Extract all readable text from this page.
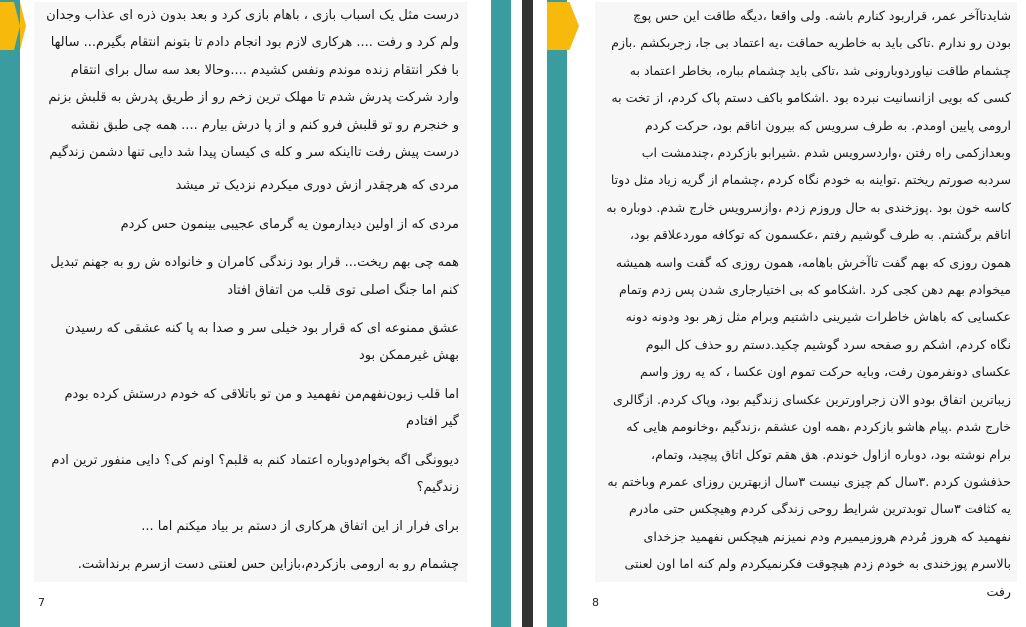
درست مثل یک اسباب بازی ، باهام بازی کرد و بعد بدون ذره ای عذاب وجدان ولم کرد و رفت .... هرکاری لازم بود انجام دادم تا بتونم انتقام بگیرم... سالها با فکر انتقام زنده موندم ونفس کشیدم ....وحالا بعد سه سال برای انتقام وارد شرکت پدرش شدم تا مهلک ترین زخم رو از طریق پدرش به قلبش بزنم و خنجرم رو تو قلبش فرو کنم و از پا درش بیارم .... همه چی طبق نقشه درست پیش رفت تااینکه سر و کله ی کیسان پیدا شد دایی تنها دشمن زندگیم

مردی که هرچقدر ازش دوری میکردم نزدیک تر میشد

مردی که از اولین دیدارمون یه گرمای عجیبی بینمون حس کردم

همه چی بهم ریخت... قرار بود زندگی کامران و خانواده ش رو به جهنم تبدیل کنم اما جنگ اصلی توی قلب من اتفاق افتاد

عشق ممنوعه ای که قرار بود خیلی سر و صدا به پا کنه عشقی که رسیدن بهش غیرممکن بود

اما قلب زبون‌نفهم‌من نفهمید و من تو باتلاقی که خودم درستش کرده بودم گیر افتادم

دیوونگی اگه بخوام‌دوباره اعتماد کنم به قلبم؟ اونم کی؟ دایی منفور ترین ادم زندگیم؟

برای فرار از این اتفاق هرکاری از دستم بر بیاد میکنم اما ...

چشمام رو به ارومی بازکردم،بازاین حس لعنتی دست ازسرم برنداشت.

7

شایدتاآخر عمر، قراربود کنارم باشه. ولی واقعا ،دیگه طاقت این حس پوچ بودن رو ندارم .تاکی باید به خاطریه حماقت ،یه اعتماد بی جا، زجربکشم .بازم چشمام طاقت نیاوردوبارونی شد ،تاکی باید چشمام بباره، بخاطر اعتماد به کسی که بویی ازانسانیت نبرده بود .اشکامو باکف دستم پاک کردم، از تخت به ارومی پایین اومدم. به طرف سرویس که بیرون اتاقم بود، حرکت کردم وبعدازکمی راه رفتن ،واردسرویس شدم .شیرابو بازکردم ،چندمشت اب سردبه صورتم ریختم .تواینه به خودم نگاه کردم ،چشمام از گریه زیاد مثل دوتا کاسه خون بود .پوزخندی به حال وروزم زدم ،وازسرویس خارج شدم. دوباره به اتاقم برگشتم. به طرف گوشیم رفتم ،عکسمون که توکافه موردعلاقم بود، همون روزی که بهم گفت تاآخرش باهامه، همون روزی که گفت واسه همیشه میخوادم بهم دهن کجی کرد .اشکامو که بی اختیارجاری شدن پس زدم وتمام عکسایی که باهاش خاطرات شیرینی داشتیم وبرام مثل زهر بود ودونه دونه نگاه کردم، اشکم رو صفحه سرد گوشیم چکید.دستم رو حذف کل البوم عکسای دونفرمون رفت، وبایه حرکت تموم اون عکسا ، که یه روز واسم زیباترین اتفاق بودو الان زجراورترین عکسای زندگیم بود، وپاک کردم. ازگالری خارج شدم .پیام هاشو بازکردم ،همه اون عشقم ،زندگیم ،وخانومم هایی که برام نوشته بود، دوباره ازاول خوندم. هق هقم توکل اتاق پیچید، وتمام، حذفشون کردم .۳سال کم چیزی نیست ۳سال ازبهترین روزای عمرم وباختم به یه کثافت ۳سال توبدترین شرایط روحی زندگی کردم وهیچکس حتی مادرم نفهمید که هروز مُردم هروزمیمیرم ودم نمیزنم هیچکس نفهمید جزخدای بالاسرم پوزخندی به خودم زدم هیچوقت فکرنمیکردم ولم کنه اما اون لعنتی رفت

8
